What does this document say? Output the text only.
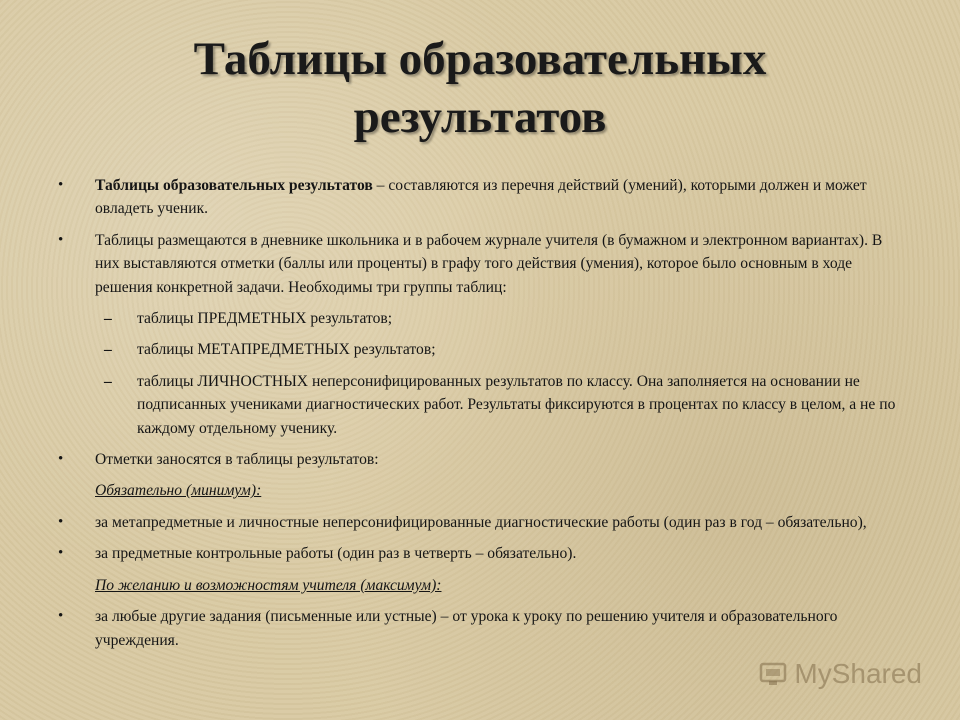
Таблицы образовательных
результатов
• Таблицы образовательных результатов – составляются из перечня действий (умений), которыми должен и может овладеть ученик.
• Таблицы размещаются в дневнике школьника и в рабочем журнале учителя (в бумажном и электронном вариантах). В них выставляются отметки (баллы или проценты) в графу того действия (умения), которое было основным в ходе решения конкретной задачи. Необходимы три группы таблиц:
– таблицы ПРЕДМЕТНЫХ результатов;
– таблицы МЕТАПРЕДМЕТНЫХ результатов;
– таблицы ЛИЧНОСТНЫХ неперсонифицированных результатов по классу. Она заполняется на основании не подписанных учениками диагностических работ. Результаты фиксируются в процентах по классу в целом, а не по каждому отдельному ученику.
• Отметки заносятся в таблицы результатов:
Обязательно (минимум):
• за метапредметные и личностные неперсонифицированные диагностические работы (один раз в год – обязательно),
• за предметные контрольные работы (один раз в четверть – обязательно).
По желанию и возможностям учителя (максимум):
• за любые другие задания (письменные или устные) – от урока к уроку по решению учителя и образовательного учреждения.
MyShared
